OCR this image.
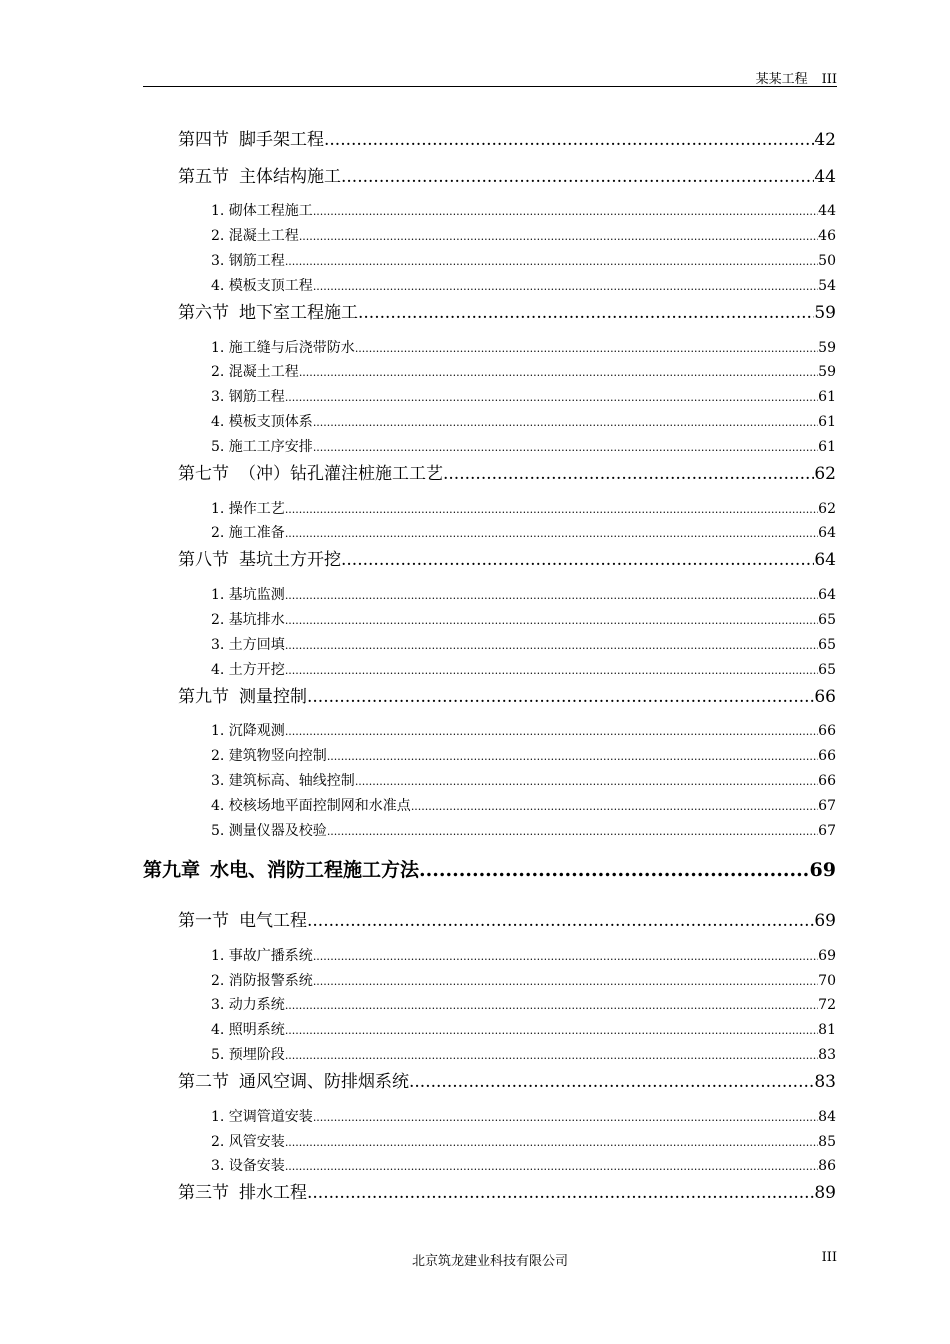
某某工程 III
第四节 脚手架工程 .....	42
第五节 主体结构施工 .....	44
1. 砌体工程施工 .....	44
2. 混凝土工程 .....	46
3. 钢筋工程 .....	50
4. 模板支顶工程 .....	54
第六节 地下室工程施工 .....	59
1. 施工缝与后浇带防水 .....	59
2. 混凝土工程 .....	59
3. 钢筋工程 .....	61
4. 模板支顶体系 .....	61
5. 施工工序安排 .....	61
第七节 （冲）钻孔灌注桩施工工艺 .....	62
1. 操作工艺 .....	62
2. 施工准备 .....	64
第八节 基坑土方开挖 .....	64
1. 基坑监测 .....	64
2. 基坑排水 .....	65
3. 土方回填 .....	65
4. 土方开挖 .....	65
第九节 测量控制 .....	66
1. 沉降观测 .....	66
2. 建筑物竖向控制 .....	66
3. 建筑标高、轴线控制 .....	66
4. 校核场地平面控制网和水准点 .....	67
5. 测量仪器及校验 .....	67
第九章 水电、消防工程施工方法 .....	69
第一节 电气工程 .....	69
1. 事故广播系统 .....	69
2. 消防报警系统 .....	70
3. 动力系统 .....	72
4. 照明系统 .....	81
5. 预埋阶段 .....	83
第二节 通风空调、防排烟系统 .....	83
1. 空调管道安装 .....	84
2. 风管安装 .....	85
3. 设备安装 .....	86
第三节 排水工程 .....	89
北京筑龙建业科技有限公司	III
